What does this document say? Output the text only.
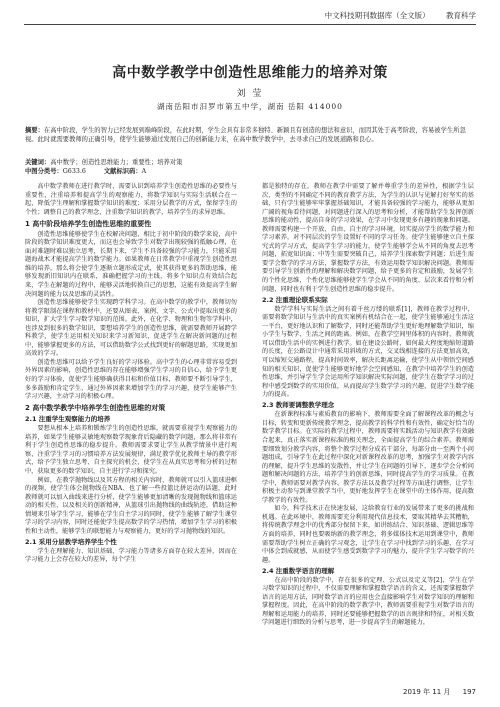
中文科技期刊数据库（全文版） 教育科学
高中数学教学中创造性思维能力的培养对策
刘 莹
湖南岳阳市汨罗市第五中学，湖南 岳阳 414000
摘要：在高中阶段，学生的智力已经发展到巅峰阶段，在此时期，学生会具有非常多独特、新颖且有创造的想法和意识，而因其处于高考阶段，容易被学生所忽视。此时就需要教师的正确引导，使学生能够通过发展自己的创新能力来，在高中数学教学中，去寻求自己的发展道路和良心。
关键词：高中数学；创造性思维能力；重要性；培养对策
中图分类号：G633.6	文献标识码：A

高中数学教师在进行教学时，需要认识到培养学生创造性思维的必要性与重要性，注重培养和提高学生的观察能力，将数学知识与实际生活联合在一起，降低学生理解和掌握数学知识的难度；采用分层教学的方式，保留学生的个性；调整自己的教学理念，注重数学知识的教学，培养学生的求异思维。

1 高中阶段培养学生创造性思维的重要性

创造性思维能够使学生在校解决问题，相比于初中阶段的数学来说，高中阶段的数学知识难度更大，而这也会导致学生对数学出现较强的抵触心理，在面对难题时难以独立思考，长期下来，学生不具备较强的学习能力，只能采用题海战术才能提高学生的数学能力。如果教师在日常教学中重视学生创造性思维的培养，那么将会使学生逐渐立题形成定式，使其获得更多的帮助思维，能够发现新旧知识内在联系，准确把握学习的主线，将多个知识点有效结合起来，学生在解题的过程中，能够灵活地转换自己的思想，这能有效提高学生解决问题的能力以及思维的灵活性。

创造性思维能够使学生实现跨学科学习。在高中数学的教学中，教师切勿将教学限制在课程和教材中，还要从图表、案例、文字、公式中提取出更多的知识，扩大学生学习数学知识的范围。此外，在化学、物理和生物等学科中，也涉及到很多的数学知识，要想培养学生的创造性思维，就需要教师开展跨学科教学，使学生运用相关知识来学习新知识，促进学生在解决新问题的过程中，能够掌握更多的方法，可以借助数学公式找到更好的解题思路，实现更加高效的学习。

创造性思维可以给予学生良好的学习体验。高中学生的心理非常容易受到外界因素的影响，创造性思维的存在能够增强学生学习的自信心，给予学生更好的学习体验，促使学生能够确获得目标和价值目标，教师要不断引导学生，多多鼓励和肯定学生，通过外界因素来增加学生的学习兴趣，使学生能够产生学习兴趣，主动学习的积极心理。

2 高中数学教学中培养学生创造性思维的对策
2.1 注重学生观察能力的培养

要想从根本上培养和锻炼学生的创造性思维，就需要重视学生观察能力的培养，如果学生能够灵敏地观察数学现象背后隐藏的数学问题，那么将非常有利于学生创造性思维的稳步提升。教师需要求要让学生从教学情景中进行观察，注重学生学习的习惯培养方法发展规律，满足教学优化教师主导的教学形式，给予学生独立思考、自主探究的机会，使学生在从真实思考和分析的过程中，获取更多的数学知识，自主进行学习和探究。

例如，在教学抛物线以及其方程的相关内容时，教师就可以引入篮球进框的视频，使学生体会抛物线在NBA、也了解一些投篮比拼运动的话题，此时教师就可以加入曲线来进行分析，使学生能够更加清晰的发现抛物线和篮球运动的相关性，以及相关的创新精神，从篮球引出抛物线的曲线轨迹，借助这种情境来引导学生学习，能够在学生自主学习的同时，使学生能够了解学生课堂学习的学习内容，同时还能使学生提高数学的学习热情，增加学生学习的积极性和主动性，能够学生的联想能力与观察能力，更好的学习抛物线的知识。

2.1 采用分层教学培养学生个性

学生在理解能力、知识基础、学习能力等诸多方面存在较大差异，因而在学习能力上会存在较大的差异，每个学生

都是独特的存在，教师在教学中需要了解并尊重学生的差异性，根据学生层次、类型的不同确定不同的教育教学方法，为学生的认识与见解打好坚实的基础，只有学生能够牢牢掌握基础知识，才能具备较强的学习能力，能够从更加广阔的视角看待问题，对问题进行深入的思考和分析，才能帮助学生发挥创新思维的能动性，提高自身的学习效果，在学习中发现更多有趣的现象和问题。教师需要构建一个开放、自由、自主的学习环境，切实提高学生的数学能力和学习素养，对不同层次的学生设置好不同的学习任务。使学生能够建立自主探究式的学习方式，提高学生学习的能力，使学生能够学会从不同的角度去思考问题，拓宽知识面；中等生需要突破自己，培养学生探索数学问题；后进生需要学会数学的学习方法，掌握数学方法，有效运用数学知识解决问题。教师需要引导学生创新性的理解和解决数学问题，给予更多的肯定和鼓励，发展学生的个性化思维，个性化思维能够使学生学会从不同的角度、层次来看待和分析问题，同时也有利于学生创造性思维的稳步提升。

2.2 注重理论联系实际

数学学科与实际生活之间有着千丝万缕的联系[1]，教师在教学过程中，需要将数学知识与生活中的真实案例有机结合在一起，使学生能够通过生活这一平台，更好地认识和了解数学，同时还能帮助学生更好地理解数学知识，缩小学生与数学、生活之间的距离。例如，在教学空间里体积的内容时，教师就可以借助生活中的实例进行教学。如在建设公路时，如何最大程度地缩短道路的长度，在公路设计中通常采用斜坡的方式，交叉线相连接的方法更加高效，可以缩短交通路程，提高时间效率，解决长距离运输，使学生从中领悟空间感知的相关知识，促使学生能够更好地学会空间感知，在教学中培养学生的创造性思维，并引导学生学会运用所学知识解决实际问题，使学生在数学学习的过程中感受到数学的实用价值，从而提高学生数学学习的兴趣，促进学生数学能力的提高。

2.3 教师要调整教学理念

在新课程标准与素质教育的影响下，教师需要全面了解课程改革的概念与目标，转变和更新传统教学理念，提高教学的科学性和有效性，确定好恰当的数学教学目标。在实际的教学过程中，教师需要将实践活动与知识教学有效融合起来，真正落实新课程标准的相关理念，全面提高学生的综合素养。教师需要细致划分教学内容，将整个教学过程分成若干部分，每部分由一至两个小问题组成，引导学生在此过程中深化对新课程改革的思考，加强学生对教学内容的理解，提升学生思维的发散性，并让学生在问题的引导下，逐步学会分析问题和解决问题的方法，培养学生的创新思维，同时提高学生的学习质量。在教学中，教师需要对教学内容、教学方法以及教学过程等方面进行调整，让学生积极主动参与到课堂教学当中，更好地发挥学生在课堂中的主体作用，提高数学教学的有效性。

如今，科学技术正在快速发展，这给教育行业的发展带来了更多的挑战和机遇。在此环境中，教师需要充分利用现代信息技术，要取其精华去其糟粕，将传统教学理念中的优秀部分保留下来，如讲练结合、知识基础、逻辑思维等方面的培养，同时也要吸纳新的教学理念，将多媒体技术运用到课堂中，教师需要帮助学生树立正确的学习观念，让学生在学习中找到学习的乐趣，在学习中体会到成就感，从而使学生感受到数学学习的魅力，提升学生学习数学的兴趣。

2.4 注重数学语言的理解

在高中阶段的数学中，存在很多的定理、公式以及定义等[2]，学生在学习数学知识的过程中，不仅需要理解和掌握数学语言的含义，还需要掌握数学语言的运用方法，同时数学语言的应用也会直接影响学生对数学知识的理解和掌握程度。因此，在高中阶段的数学教学中，教师需要重视学生对数学语言的理解和运用能力的培养，同时还要能够把握数学的语言规律和特征，对相关数学问题进行细致的分析与思考，进一步提高学生的解题能力，

2019 年 11 月 197
